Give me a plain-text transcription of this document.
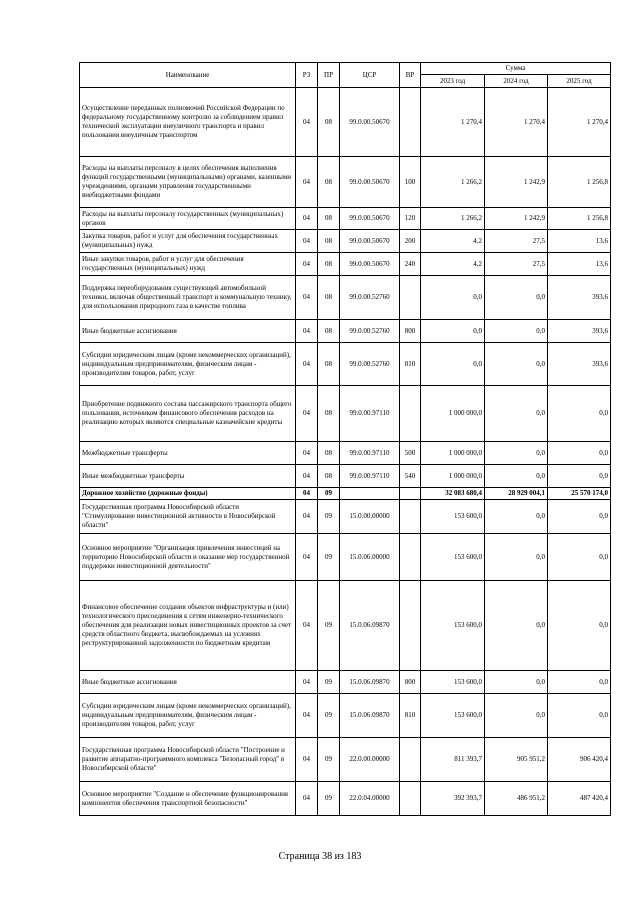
Наименование	РЗ	ПР	ЦСР	ВР	Сумма		
					2023 год	2024 год	2025 год
Осуществление переданных полномочий Российской Федерации по федеральному государственному контролю за соблюдением правил технической эксплуатации внеуличного транспорта и правил пользования внеуличным транспортом	04	08	99.0.00.50670		1 270,4	1 270,4	1 270,4
Расходы на выплаты персоналу в целях обеспечения выполнения функций государственными (муниципальными) органами, казенными учреждениями, органами управления государственными внебюджетными фондами	04	08	99.0.00.50670	100	1 266,2	1 242,9	1 256,8
Расходы на выплаты персоналу государственных (муниципальных) органов	04	08	99.0.00.50670	120	1 266,2	1 242,9	1 256,8
Закупка товаров, работ и услуг для обеспечения государственных (муниципальных) нужд	04	08	99.0.00.50670	200	4,2	27,5	13,6
Иные закупки товаров, работ и услуг для обеспечения государственных (муниципальных) нужд	04	08	99.0.00.50670	240	4,2	27,5	13,6
Поддержка переоборудования существующей автомобильной техники, включая общественный транспорт и коммунальную технику, для использования природного газа в качестве топлива	04	08	99.0.00.52760		0,0	0,0	393,6
Иные бюджетные ассигнования	04	08	99.0.00.52760	800	0,0	0,0	393,6
Субсидии юридическим лицам (кроме некоммерческих организаций), индивидуальным предпринимателям, физическим лицам - производителям товаров, работ, услуг	04	08	99.0.00.52760	810	0,0	0,0	393,6
Приобретение подвижного состава пассажирского транспорта общего пользования, источником финансового обеспечения расходов на реализацию которых являются специальные казначейские кредиты	04	08	99.0.00.97110		1 000 000,0	0,0	0,0
Межбюджетные трансферты	04	08	99.0.00.97110	500	1 000 000,0	0,0	0,0
Иные межбюджетные трансферты	04	08	99.0.00.97110	540	1 000 000,0	0,0	0,0
Дорожное хозяйство (дорожные фонды)	04	09			32 083 680,4	28 929 004,1	25 570 174,0
Государственная программа Новосибирской области "Стимулирование инвестиционной активности в Новосибирской области"	04	09	15.0.00.00000		153 600,0	0,0	0,0
Основное мероприятие "Организация привлечения инвестиций на территорию Новосибирской области и оказание мер государственной поддержки инвестиционной деятельности"	04	09	15.0.06.00000		153 600,0	0,0	0,0
Финансовое обеспечение создания объектов инфраструктуры и (или) технологического присоединения к сетям инженерно-технического обеспечения для реализации новых инвестиционных проектов за счет средств областного бюджета, высвобождаемых на условиях реструктурированной задолженности по бюджетным кредитам	04	09	15.0.06.09870		153 600,0	0,0	0,0
Иные бюджетные ассигнования	04	09	15.0.06.09870	800	153 600,0	0,0	0,0
Субсидии юридическим лицам (кроме некоммерческих организаций), индивидуальным предпринимателям, физическим лицам - производителям товаров, работ, услуг	04	09	15.0.06.09870	810	153 600,0	0,0	0,0
Государственная программа Новосибирской области "Построение и развитие аппаратно-программного комплекса "Безопасный город" в Новосибирской области"	04	09	22.0.00.00000		811 393,7	905 951,2	906 420,4
Основное мероприятие "Создание и обеспечение функционирования компонентов обеспечения транспортной безопасности"	04	09	22.0.04.00000		392 393,7	486 951,2	487 420,4
Страница 38 из 183
